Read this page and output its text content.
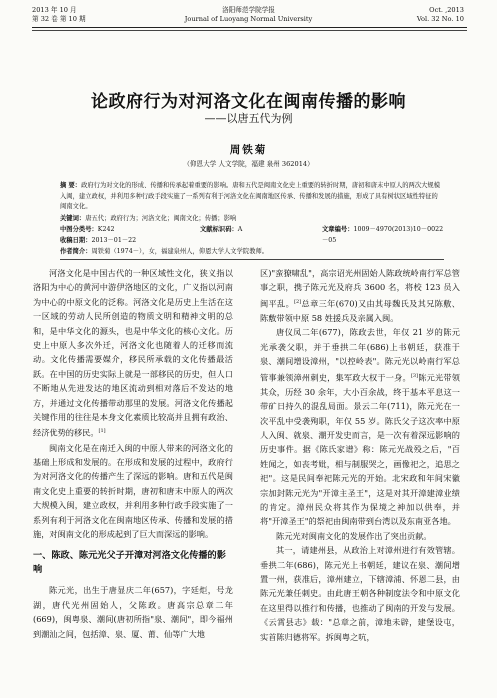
2013 年 10 月
第 32 卷 第 10 期
洛阳师范学院学报
Journal of Luoyang Normal University
Oct. ,2013
Vol. 32 No. 10
论政府行为对河洛文化在闽南传播的影响
——以唐五代为例
周铁菊
（仰恩大学 人文学院，福建 泉州 362014）
摘 要：政府行为对文化的形成、传播和传承起着重要的影响。唐和五代是闽南文化史上重要的转折时期，唐初和唐末中原人的两次大规模入闽，建立政权，并利用多种行政手段实施了一系列有利于河洛文化在闽南地区传承、传播和发展的措施，形成了具有树状区域性特征的闽南文化。
关键词：唐五代；政府行为；河洛文化；闽南文化；传播；影响
中图分类号：K242	文献标识码：A	文章编号：1009－4970(2013)10－0022－05
收稿日期：2013－01－22
作者简介：周铁菊（1974－），女，福建泉州人，仰恩大学人文学院教师。

河洛文化是中国古代的一种区域性文化，狭义指以洛阳为中心的黄河中游伊洛地区的文化，广义指以河南为中心的中原文化的泛称。河洛文化是历史上生活在这一区域的劳动人民所创造的物质文明和精神文明的总和，是中华文化的源头，也是中华文化的核心文化。历史上中原人多次外迁，河洛文化也随着人的迁移而流动。文化传播需要媒介，移民所承载的文化传播最活跃。在中国的历史实际上就是一部移民的历史，但人口不断地从先进发达的地区流动到相对落后不发达的地方，并通过文化传播带动那里的发展。河洛文化传播起关键作用的往往是本身文化素质比较高并且拥有政治、经济优势的移民。[1]

闽南文化是在南迁入闽的中原人带来的河洛文化的基础上形成和发展的。在形成和发展的过程中，政府行为对河洛文化的传播产生了深远的影响。唐和五代是闽南文化史上重要的转折时期，唐初和唐末中原人的两次大规模入闽，建立政权，并利用多种行政手段实施了一系列有利于河洛文化在闽南地区传承、传播和发展的措施，对闽南文化的形成起到了巨大而深远的影响。

一、陈政、陈元光父子开漳对河洛文化传播的影响

陈元光，出生于唐显庆二年(657)，字廷炬，号龙湖，唐代光州固始人，父陈政。唐高宗总章二年(669)，闽粤泉、潮间(唐初所指"泉、潮间"，即今福州到潮汕之间，包括漳、泉、厦、莆、仙等广大地

区)"蛮獠啸乱"，高宗诏光州固始人陈政统岭南行军总管事之职，携子陈元光及府兵 3600 名，将校 123 员入闽平乱。[2]总章三年(670)又由其母魏氏及其兄陈敷、陈敷带领中原 58 姓援兵及亲属入闽。

唐仪凤二年(677)，陈政去世，年仅 21 岁的陈元光承袭父职，并于垂拱二年(686)上书朝廷，获准于泉、潮间增设漳州，"以控岭表"。陈元光以岭南行军总管事兼领漳州刺史，集军政大权于一身。[3]陈元光带领其众，历经 30 余年，大小百余战，终于基本平息这一带矿日持久的混乱局面。景云二年(711)，陈元光在一次平乱中受袭殉职，年仅 55 岁。陈氏父子这次率中原人入闽、就泉、潮开发史而言，是一次有着深远影响的历史事件。据《陈氏家谱》称：陈元光战殁之后，"百姓闻之，如丧考妣，相与制服哭之，画像祀之，追思之祀"。这是民间奉祀陈元光的开始。北宋政和年间宋徽宗加封陈元光为"开漳主圣王"，这是对其开漳建漳业绩的肯定。漳州民众将其作为保境之神加以供奉，并将"开漳圣王"的祭祀由闽南带到台湾以及东南亚各地。

陈元光对闽南文化的发展作出了突出贡献。

其一，请建州县，从政治上对漳州进行有效管辖。垂拱二年(686)，陈元光上书朝廷，建议在泉、潮间增置一州，获准后，漳州建立，下辖漳浦、怀恩二县，由陈元光兼任刺史。由此唐王朝各种制度法令和中原文化在这里得以推行和传播，也推动了闽南的开发与发展。《云霄县志》载："总章之前，漳地未辟，建堡设屯，实首陈归德将军。拆闽粤之吭，
